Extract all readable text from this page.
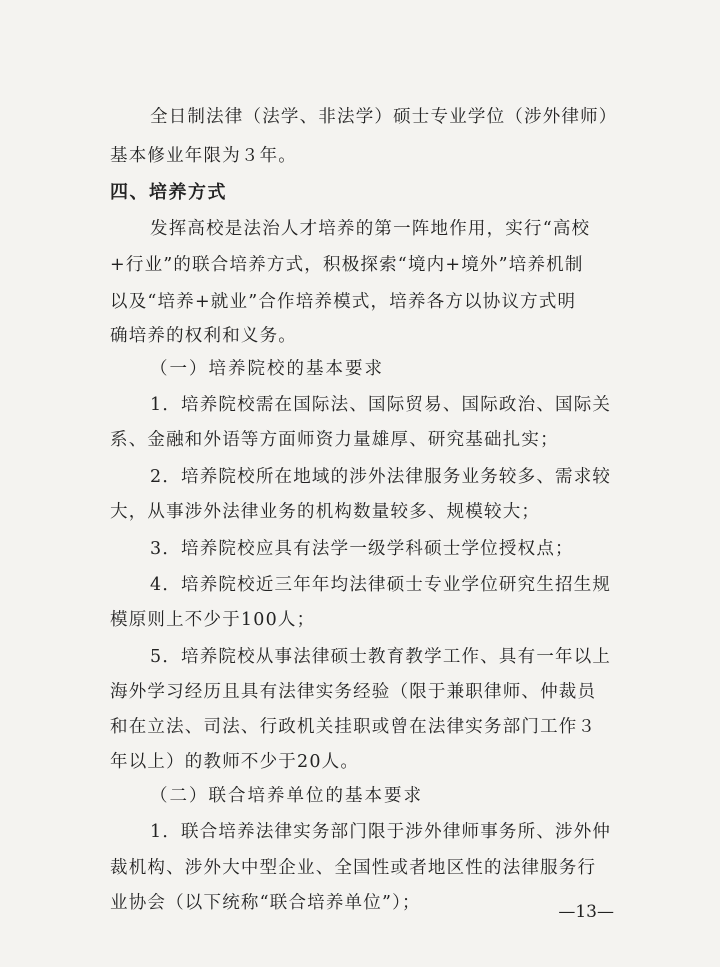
全日制法律（法学、非法学）硕士专业学位（涉外律师）
基本修业年限为３年。
四、培养方式
发挥高校是法治人才培养的第一阵地作用，实行“高校
+行业”的联合培养方式，积极探索“境内+境外”培养机制
以及“培养+就业”合作培养模式，培养各方以协议方式明
确培养的权利和义务。
（一）培养院校的基本要求
1．培养院校需在国际法、国际贸易、国际政治、国际关
系、金融和外语等方面师资力量雄厚、研究基础扎实；
2．培养院校所在地域的涉外法律服务业务较多、需求较
大，从事涉外法律业务的机构数量较多、规模较大；
3．培养院校应具有法学一级学科硕士学位授权点；
4．培养院校近三年年均法律硕士专业学位研究生招生规
模原则上不少于100人；
5．培养院校从事法律硕士教育教学工作、具有一年以上
海外学习经历且具有法律实务经验（限于兼职律师、仲裁员
和在立法、司法、行政机关挂职或曾在法律实务部门工作３
年以上）的教师不少于20人。
（二）联合培养单位的基本要求
1．联合培养法律实务部门限于涉外律师事务所、涉外仲
裁机构、涉外大中型企业、全国性或者地区性的法律服务行
业协会（以下统称“联合培养单位”）；	—13—
